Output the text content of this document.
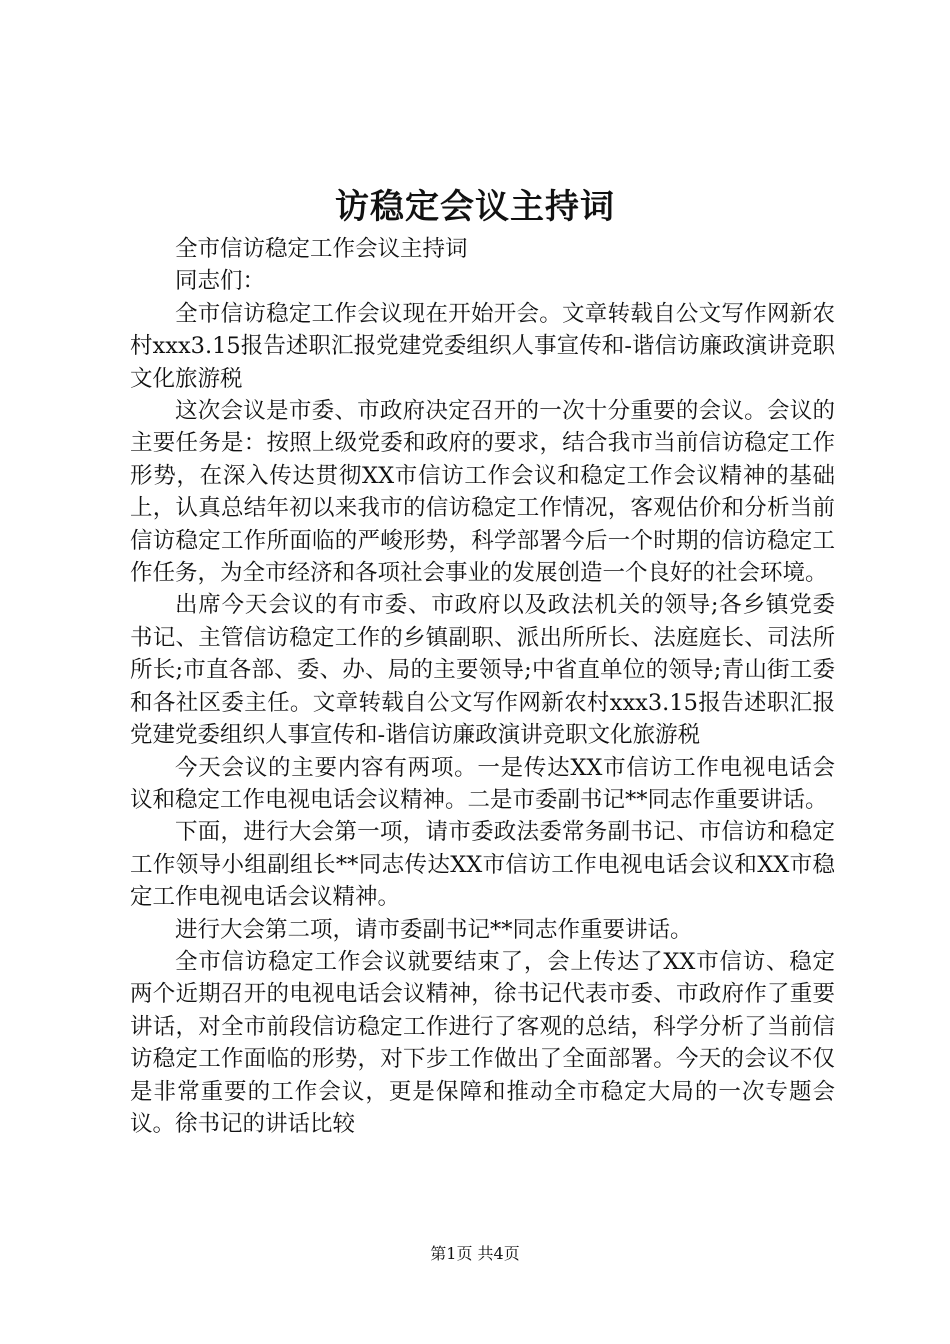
访稳定会议主持词

全市信访稳定工作会议主持词

同志们：

全市信访稳定工作会议现在开始开会。文章转载自公文写作网新农村xxx3.15报告述职汇报党建党委组织人事宣传和-谐信访廉政演讲竞职文化旅游税

这次会议是市委、市政府决定召开的一次十分重要的会议。会议的主要任务是：按照上级党委和政府的要求，结合我市当前信访稳定工作形势，在深入传达贯彻XX市信访工作会议和稳定工作会议精神的基础上，认真总结年初以来我市的信访稳定工作情况，客观估价和分析当前信访稳定工作所面临的严峻形势，科学部署今后一个时期的信访稳定工作任务，为全市经济和各项社会事业的发展创造一个良好的社会环境。

出席今天会议的有市委、市政府以及政法机关的领导;各乡镇党委书记、主管信访稳定工作的乡镇副职、派出所所长、法庭庭长、司法所所长;市直各部、委、办、局的主要领导;中省直单位的领导;青山街工委和各社区委主任。文章转载自公文写作网新农村xxx3.15报告述职汇报党建党委组织人事宣传和-谐信访廉政演讲竞职文化旅游税

今天会议的主要内容有两项。一是传达XX市信访工作电视电话会议和稳定工作电视电话会议精神。二是市委副书记**同志作重要讲话。

下面，进行大会第一项，请市委政法委常务副书记、市信访和稳定工作领导小组副组长**同志传达XX市信访工作电视电话会议和XX市稳定工作电视电话会议精神。

进行大会第二项，请市委副书记**同志作重要讲话。

全市信访稳定工作会议就要结束了，会上传达了XX市信访、稳定两个近期召开的电视电话会议精神，徐书记代表市委、市政府作了重要讲话，对全市前段信访稳定工作进行了客观的总结，科学分析了当前信访稳定工作面临的形势，对下步工作做出了全面部署。今天的会议不仅是非常重要的工作会议，更是保障和推动全市稳定大局的一次专题会议。徐书记的讲话比较

第1页 共4页
